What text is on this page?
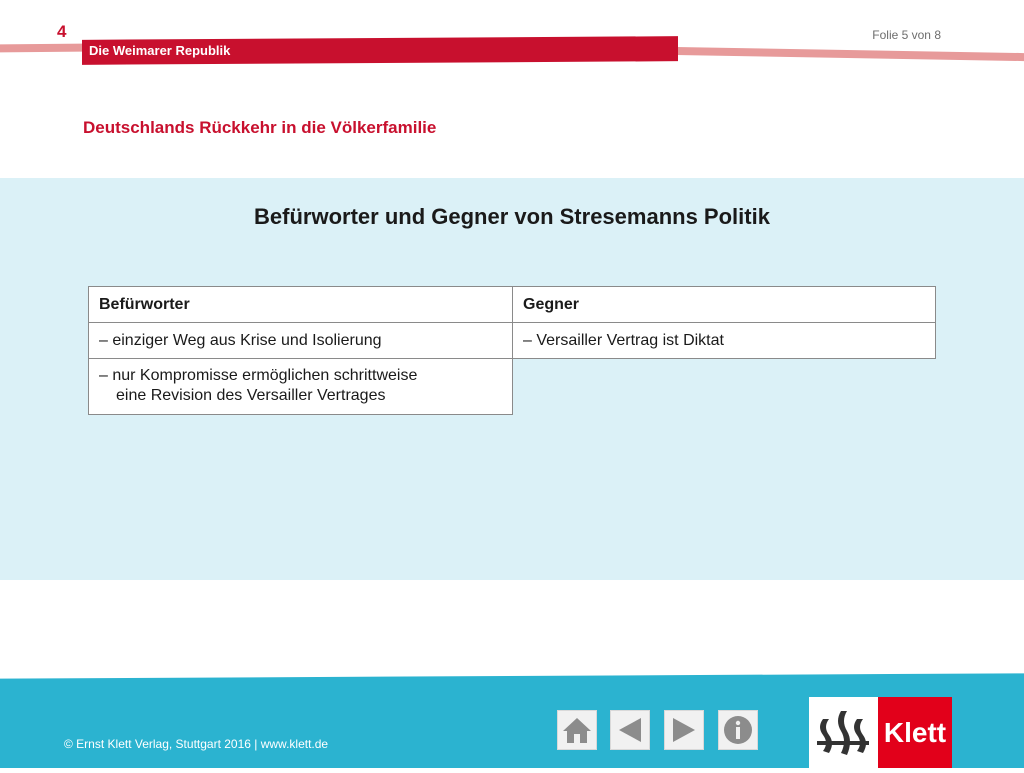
4	Folie 5 von 8
Die Weimarer Republik
Deutschlands Rückkehr in die Völkerfamilie
Befürworter und Gegner von Stresemanns Politik
Befürworter	Gegner
– einziger Weg aus Krise und Isolierung	– Versailler Vertrag ist Diktat
– nur Kompromisse ermöglichen schrittweise
eine Revision des Versailler Vertrages
© Ernst Klett Verlag, Stuttgart 2016 | www.klett.de	Klett
